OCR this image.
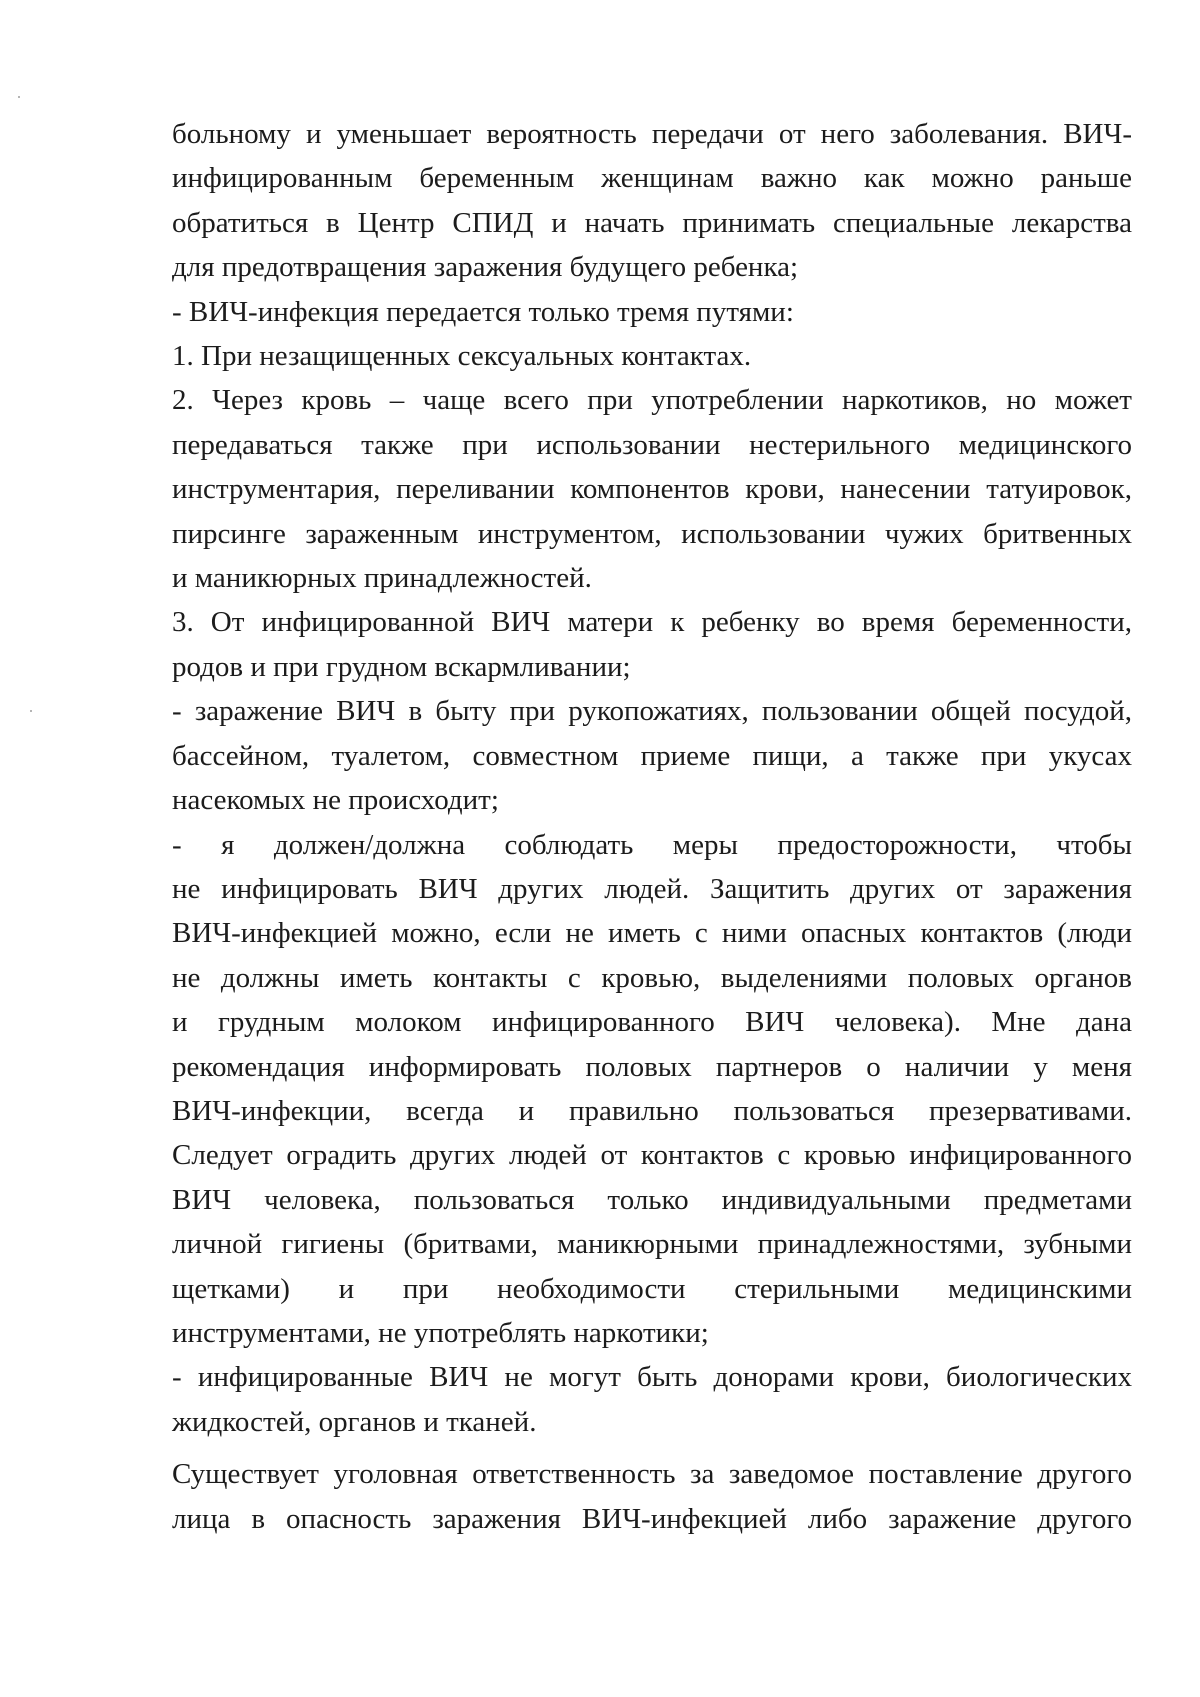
больному и уменьшает вероятность передачи от него заболевания. ВИЧ-
инфицированным беременным женщинам важно как можно раньше
обратиться в Центр СПИД и начать принимать специальные лекарства
для предотвращения заражения будущего ребенка;
- ВИЧ-инфекция передается только тремя путями:
1. При незащищенных сексуальных контактах.
2. Через кровь – чаще всего при употреблении наркотиков, но может
передаваться также при использовании нестерильного медицинского
инструментария, переливании компонентов крови, нанесении татуировок,
пирсинге зараженным инструментом, использовании чужих бритвенных
и маникюрных принадлежностей.
3. От инфицированной ВИЧ матери к ребенку во время беременности,
родов и при грудном вскармливании;
- заражение ВИЧ в быту при рукопожатиях, пользовании общей посудой,
бассейном, туалетом, совместном приеме пищи, а также при укусах
насекомых не происходит;
- я должен/должна соблюдать меры предосторожности, чтобы
не инфицировать ВИЧ других людей. Защитить других от заражения
ВИЧ-инфекцией можно, если не иметь с ними опасных контактов (люди
не должны иметь контакты с кровью, выделениями половых органов
и грудным молоком инфицированного ВИЧ человека). Мне дана
рекомендация информировать половых партнеров о наличии у меня
ВИЧ-инфекции, всегда и правильно пользоваться презервативами.
Следует оградить других людей от контактов с кровью инфицированного
ВИЧ человека, пользоваться только индивидуальными предметами
личной гигиены (бритвами, маникюрными принадлежностями, зубными
щетками) и при необходимости стерильными медицинскими
инструментами, не употреблять наркотики;
- инфицированные ВИЧ не могут быть донорами крови, биологических
жидкостей, органов и тканей.
Существует уголовная ответственность за заведомое поставление другого
лица в опасность заражения ВИЧ-инфекцией либо заражение другого
